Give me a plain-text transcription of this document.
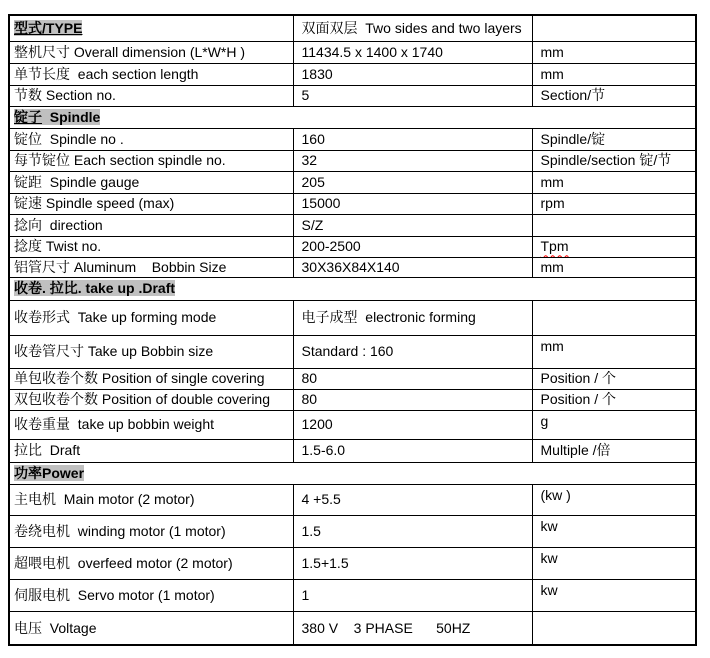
型式/TYPE	双面双层  Two sides and two layers	
整机尺寸 Overall dimension (L*W*H )	11434.5 x 1400 x 1740	mm
单节长度  each section length	1830	mm
节数 Section no.	5	Section/节
锭子  Spindle		
锭位  Spindle no .	160	Spindle/锭
每节锭位 Each section spindle no.	32	Spindle/section 锭/节
锭距  Spindle gauge	205	mm
锭速 Spindle speed (max)	15000	rpm
捻向  direction	S/Z	
捻度 Twist no.	200-2500	Tpm
铝管尺寸 Aluminum    Bobbin Size	30X36X84X140	mm
收卷. 拉比. take up .Draft		
收卷形式  Take up forming mode	电子成型  electronic forming	
收卷管尺寸 Take up Bobbin size	Standard : 160	mm
单包收卷个数 Position of single covering	80	Position / 个
双包收卷个数 Position of double covering	80	Position / 个
收卷重量  take up bobbin weight	1200	g
拉比  Draft	1.5-6.0	Multiple /倍
功率Power		
主电机  Main motor (2 motor)	4 +5.5	(kw )
卷绕电机  winding motor (1 motor)	1.5	kw
超喂电机  overfeed motor (2 motor)	1.5+1.5	kw
伺服电机  Servo motor (1 motor)	1	kw
电压  Voltage	380 V    3 PHASE      50HZ	
